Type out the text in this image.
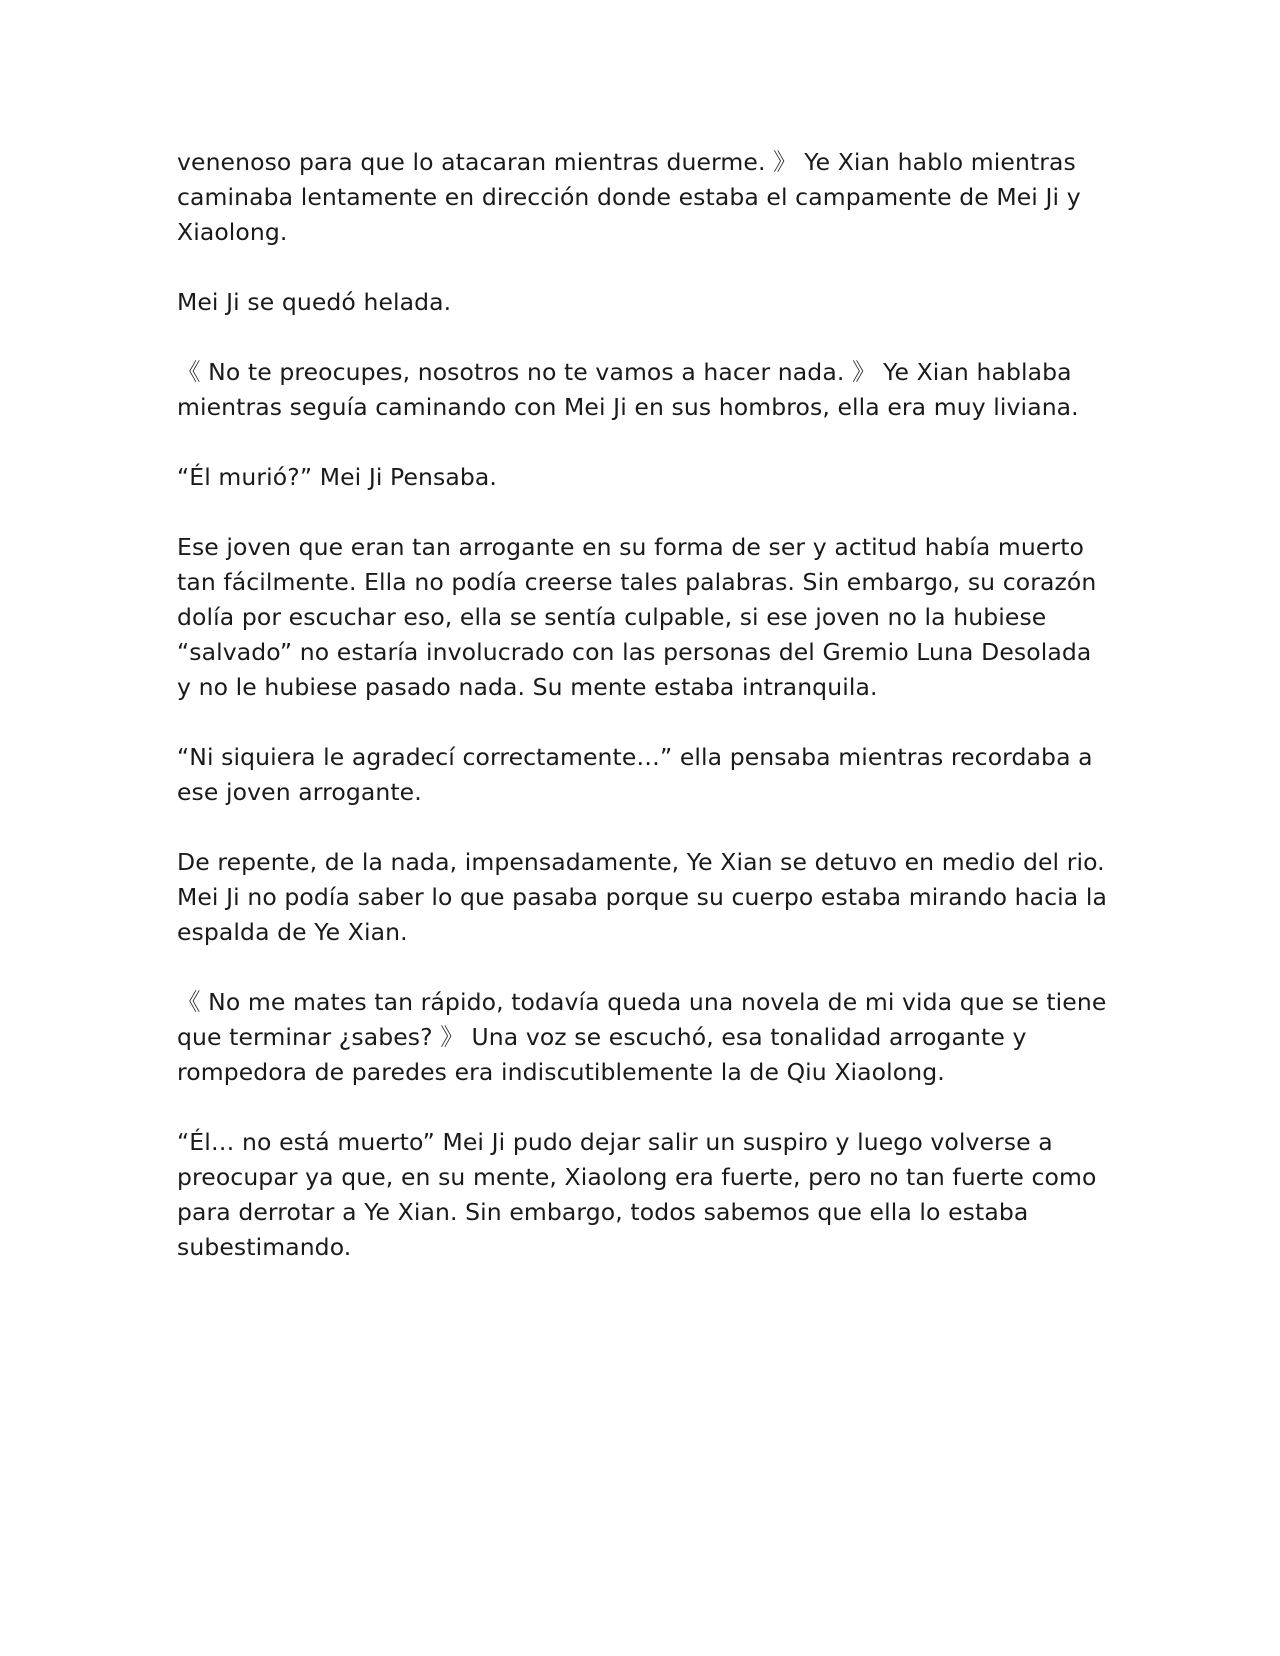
venenoso para que lo atacaran mientras duerme. 》 Ye Xian hablo mientras caminaba lentamente en dirección donde estaba el campamente de Mei Ji y Xiaolong.

Mei Ji se quedó helada.

《 No te preocupes, nosotros no te vamos a hacer nada. 》 Ye Xian hablaba mientras seguía caminando con Mei Ji en sus hombros, ella era muy liviana.

“Él murió?” Mei Ji Pensaba.

Ese joven que eran tan arrogante en su forma de ser y actitud había muerto tan fácilmente. Ella no podía creerse tales palabras. Sin embargo, su corazón dolía por escuchar eso, ella se sentía culpable, si ese joven no la hubiese “salvado” no estaría involucrado con las personas del Gremio Luna Desolada y no le hubiese pasado nada. Su mente estaba intranquila.

“Ni siquiera le agradecí correctamente…” ella pensaba mientras recordaba a ese joven arrogante.

De repente, de la nada, impensadamente, Ye Xian se detuvo en medio del rio. Mei Ji no podía saber lo que pasaba porque su cuerpo estaba mirando hacia la espalda de Ye Xian.

《 No me mates tan rápido, todavía queda una novela de mi vida que se tiene que terminar ¿sabes? 》 Una voz se escuchó, esa tonalidad arrogante y rompedora de paredes era indiscutiblemente la de Qiu Xiaolong.

“Él… no está muerto” Mei Ji pudo dejar salir un suspiro y luego volverse a preocupar ya que, en su mente, Xiaolong era fuerte, pero no tan fuerte como para derrotar a Ye Xian. Sin embargo, todos sabemos que ella lo estaba subestimando.
